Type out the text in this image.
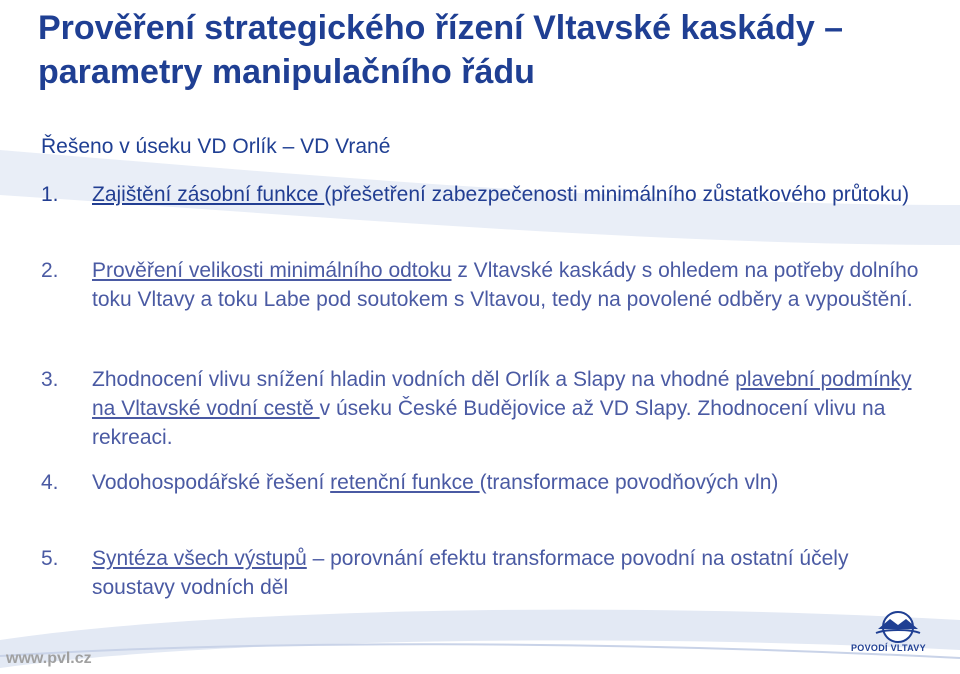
Prověření strategického řízení Vltavské kaskády – parametry manipulačního řádu

Řešeno v úseku VD Orlík – VD Vrané

1. Zajištění zásobní funkce (přešetření zabezpečenosti minimálního zůstatkového průtoku)
2. Prověření velikosti minimálního odtoku z Vltavské kaskády s ohledem na potřeby dolního toku Vltavy a toku Labe pod soutokem s Vltavou, tedy na povolené odběry a vypouštění.
3. Zhodnocení vlivu snížení hladin vodních děl Orlík a Slapy na vhodné plavební podmínky na Vltavské vodní cestě v úseku České Budějovice až VD Slapy. Zhodnocení vlivu na rekreaci.
4. Vodohospodářské řešení retenční funkce (transformace povodňových vln)
5. Syntéza všech výstupů – porovnání efektu transformace povodní na ostatní účely soustavy vodních děl
www.pvl.cz
POVODÍ VLTAVY
